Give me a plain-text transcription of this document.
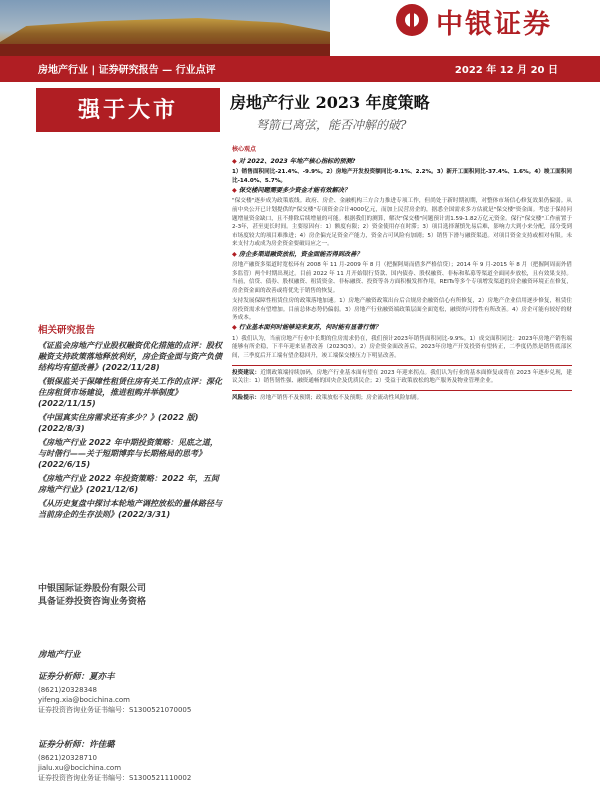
中银证券
房地产行业 | 证券研究报告 — 行业点评	2022 年 12 月 20 日
强于大市
相关研究报告
《证监会房地产行业股权融资优化措施的点评：股权融资支持政策落地释放利好，房企资金面与资产负债结构均有望改善》(2022/11/28)
《银保监关于保障性租赁住房有关工作的点评：深化住房租赁市场建设，推进租购并举制度》(2022/11/15)
《中国真实住房需求还有多少？》(2022 版)(2022/8/3)
《房地产行业 2022 年中期投资策略：见底之道，与时偕行——关于短期博弈与长期格局的思考》(2022/6/15)
《房地产行业 2022 年投资策略：2022 年，五间房地产行业》(2021/12/6)
《从历史复盘中探讨本轮地产调控放松的量体路径与当前房企的生存法则》(2022/3/31)
中银国际证券股份有限公司
具备证券投资咨询业务资格
房地产行业
证券分析师：夏亦丰
(8621)20328348
yifeng.xia@bocichina.com
证券投资咨询业务证书编号：S1300521070005
证券分析师：许佳璐
(8621)20328710
jialu.xu@bocichina.com
证券投资咨询业务证书编号：S1300521110002
房地产行业 2023 年度策略
弩箭已离弦，能否冲解的破?

核心观点

◆ 对 2022、2023 年地产核心指标的预测?

1）销售面积同比-21.4%、-9.9%。2）房地产开发投资额同比-9.1%、2.2%。3）新开工面积同比-37.4%、1.6%。4）竣工面积同比-14.0%、5.7%。

◆ 保交楼问题需要多少资金才能有效解决？

"保交楼"逐步成为政策底线。政府、房企、金融机构三方合力推进专项工作，但尚处于新时期初期，对整体市场信心修复效果仍偏弱。从前中央公开已计划提供的"保交楼"专项资金合计4000亿元，而加上民营房企的，据悉全国需求多方估就是"保交楼"资金面。考虑于保持问题增量资金缺口，且不排除后续增量的可能。根据我们的测算，解决"保交楼"问题预计需1.59-1.82万亿元资金。保行"保交楼"工作前置于2-3年，甚至更长时间。主要原因有：1）额度有限；2）资金使用存在时滞；3）项目选择谨慎先易后难，影响力大到小来分配，部分受到市场度较大的项目难推进；4）房企偏充足资金产能力，资金占可风险有加剧；5）销售下滑与融资渠道。对项目资金支持或相对有限。未来支付力或成为房企资金要破局应之一。

◆ 房企多渠道融资放松，资金面能否得到改善？

房地产融资多渠道时宽松环有 2008 年 11 月-2009 年 8 月（把握阿周而借多严格信贷）；2014 年 9 月-2015 年 8 月（把握阿周而外借多监管）两个时期出现过。目前 2022 年 11 月开始银行贷款、国内债券、股权融资、非标和私募等渠道全面同步放松，且有效果支持。当前，信贷、债券、股权融资、租赁资金、非标融资、投资等各方面积极发挥作用，REITs等多个专项增发渠道的房企融资环境正在修复，房企资金面的改善或将优先于销售的恢复。

支持发展保障性租赁住房的政策落地加速。1）房地产融资政策出台后合规房企融资信心有所修复，2）房地产企业信用逐步修复，租赁住房投资需求有望增加。目前总体态势仍偏弱。3）房地产行业融资端政策层面全面宽松，融资的可得性有所改善。4）房企可能有较好的财务成本。

◆ 行业基本面何时能够迎来复苏，何时能有显著行情？

1）我们认为，当前房地产行业中长期的住房需求仍在，我们预计2023年销售面积同比-9.9%。1）成交面积同比：2023年房地产销售端能够有所企稳，下半年迎来显著改善（2023Q3）。2）房企资金面改善后，2023年房地产开发投资有望转正，二季度仍然是销售底部区间，三季度后开工端有望企稳回升，竣工端保交楼压力下明显改善。

投资建议：近期政策端持续加码，房地产行业基本面有望在 2023 年迎来拐点。我们认为行业的基本面修复或将在 2023 年逐步兑现，建议关注：1）销售韧性强、融资通畅的国央企及优质民企；2）受益于政策放松的地产服务及物业管理企业。

风险提示：房地产销售不及预期；政策放松不及预期；房企流动性风险加剧。
